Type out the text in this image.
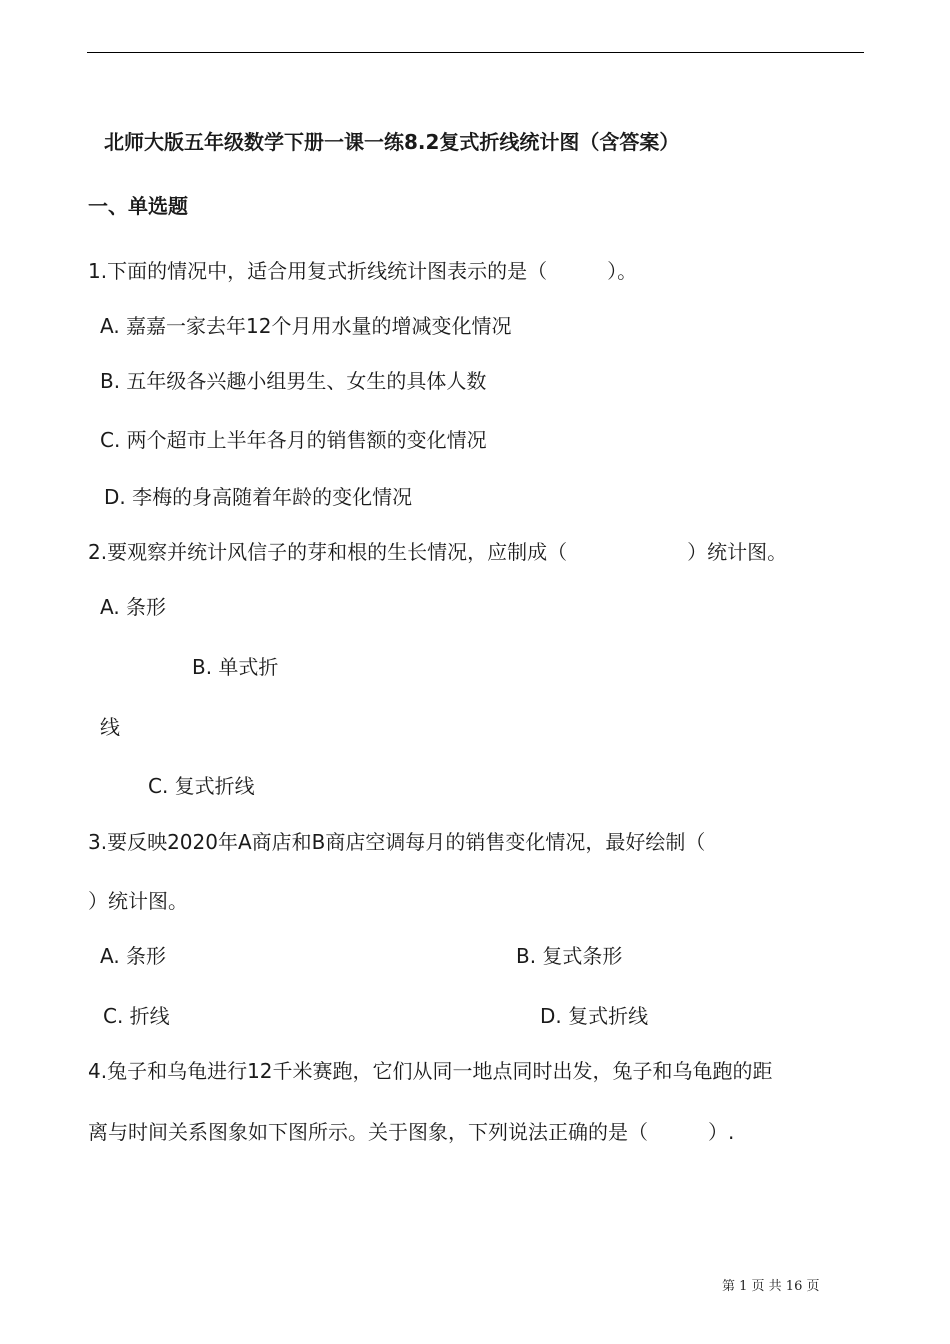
北师大版五年级数学下册一课一练8.2复式折线统计图（含答案）
一、单选题
1.下面的情况中，适合用复式折线统计图表示的是（　　　）。
A. 嘉嘉一家去年12个月用水量的增减变化情况
B. 五年级各兴趣小组男生、女生的具体人数
C. 两个超市上半年各月的销售额的变化情况
D. 李梅的身高随着年龄的变化情况
2.要观察并统计风信子的芽和根的生长情况，应制成（　　　　　　）统计图。
A. 条形
B. 单式折
线
C. 复式折线
3.要反映2020年A商店和B商店空调每月的销售变化情况，最好绘制（
）统计图。
A. 条形	B. 复式条形
C. 折线	D. 复式折线
4.兔子和乌龟进行12千米赛跑，它们从同一地点同时出发，兔子和乌龟跑的距
离与时间关系图象如下图所示。关于图象，下列说法正确的是（　　　）.
第 1 页 共 16 页
